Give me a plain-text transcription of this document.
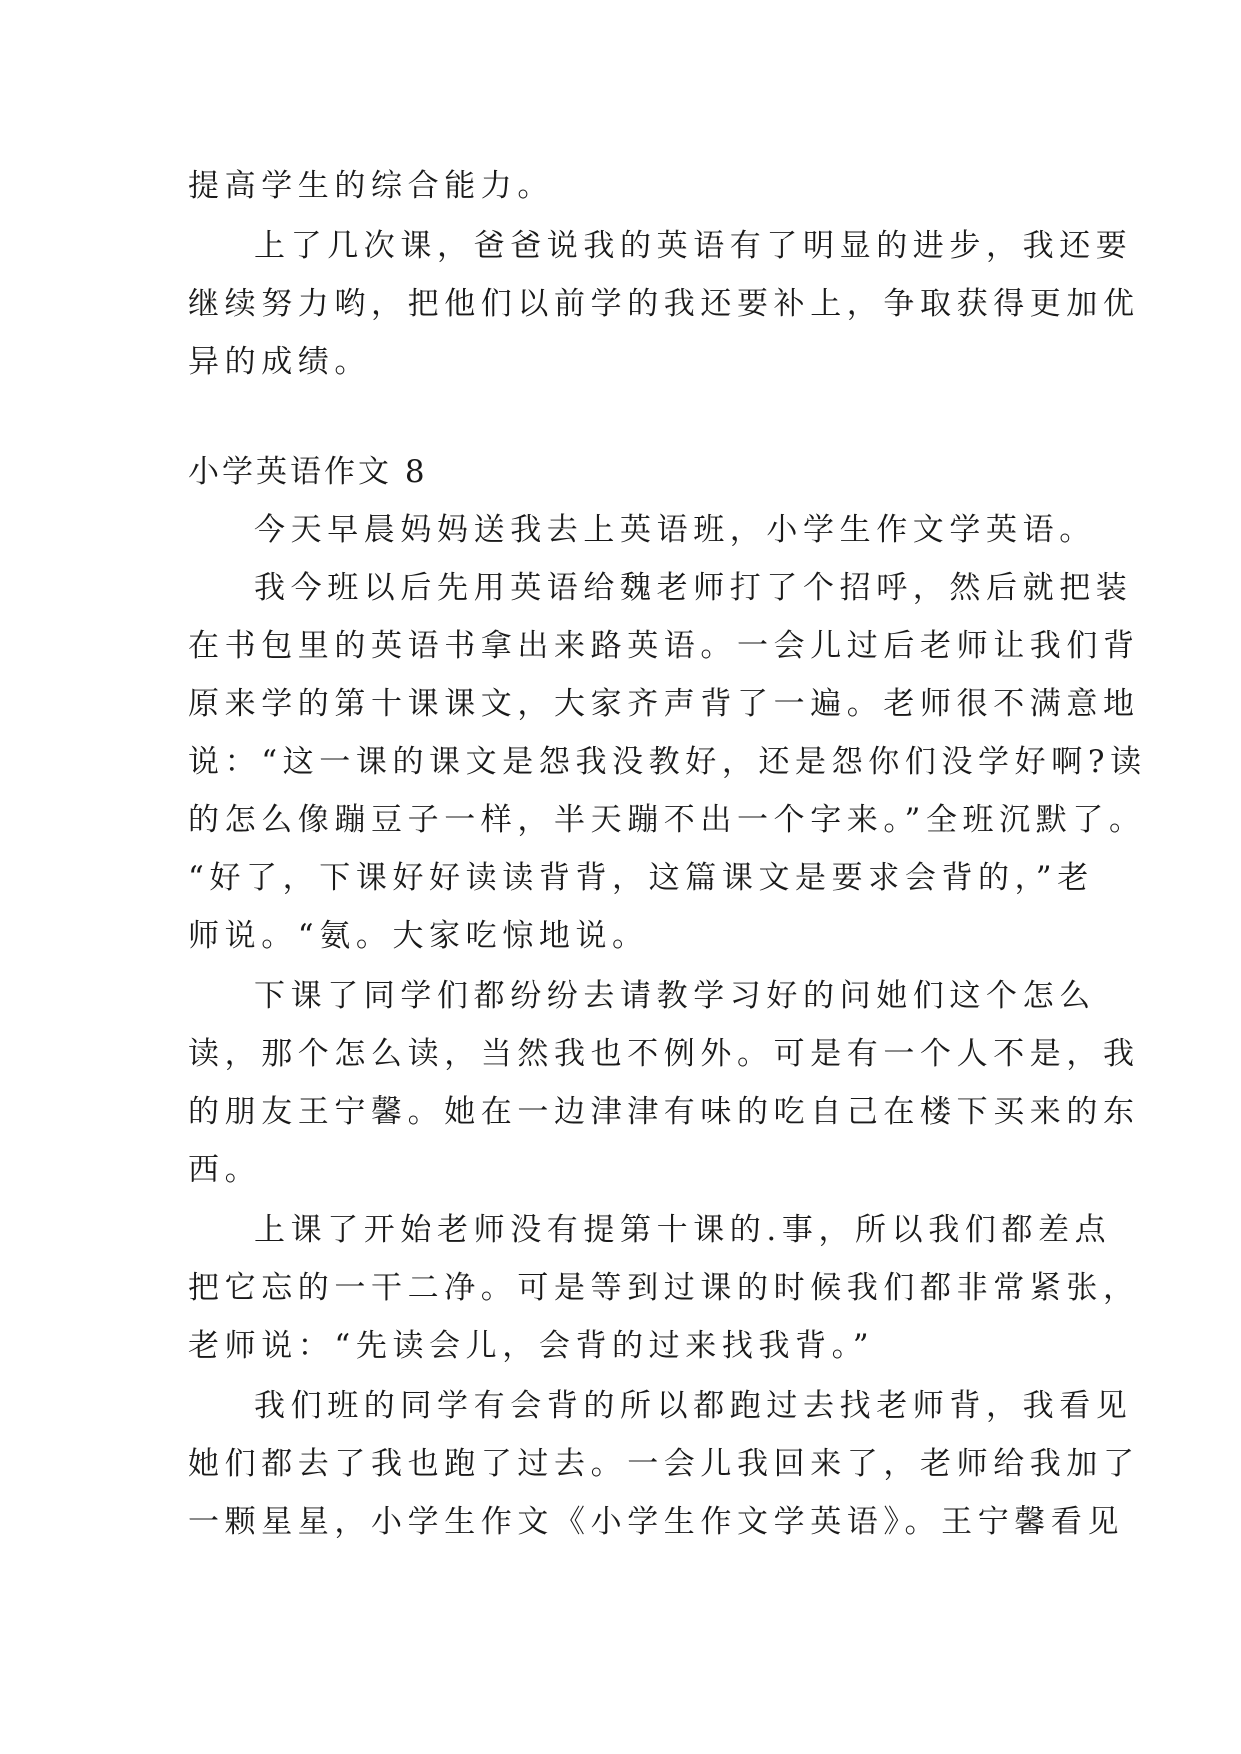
提高学生的综合能力。
上了几次课，爸爸说我的英语有了明显的进步，我还要
继续努力哟，把他们以前学的我还要补上，争取获得更加优
异的成绩。
小学英语作文 8
今天早晨妈妈送我去上英语班，小学生作文学英语。
我今班以后先用英语给魏老师打了个招呼，然后就把装
在书包里的英语书拿出来路英语。一会儿过后老师让我们背
原来学的第十课课文，大家齐声背了一遍。老师很不满意地
说：“这一课的课文是怨我没教好，还是怨你们没学好啊?读
的怎么像蹦豆子一样，半天蹦不出一个字来。”全班沉默了。
“好了，下课好好读读背背，这篇课文是要求会背的，”老
师说。“氨。大家吃惊地说。
下课了同学们都纷纷去请教学习好的问她们这个怎么
读，那个怎么读，当然我也不例外。可是有一个人不是，我
的朋友王宁馨。她在一边津津有味的吃自己在楼下买来的东
西。
上课了开始老师没有提第十课的.事，所以我们都差点
把它忘的一干二净。可是等到过课的时候我们都非常紧张，
老师说：“先读会儿，会背的过来找我背。”
我们班的同学有会背的所以都跑过去找老师背，我看见
她们都去了我也跑了过去。一会儿我回来了，老师给我加了
一颗星星，小学生作文《小学生作文学英语》。王宁馨看见
